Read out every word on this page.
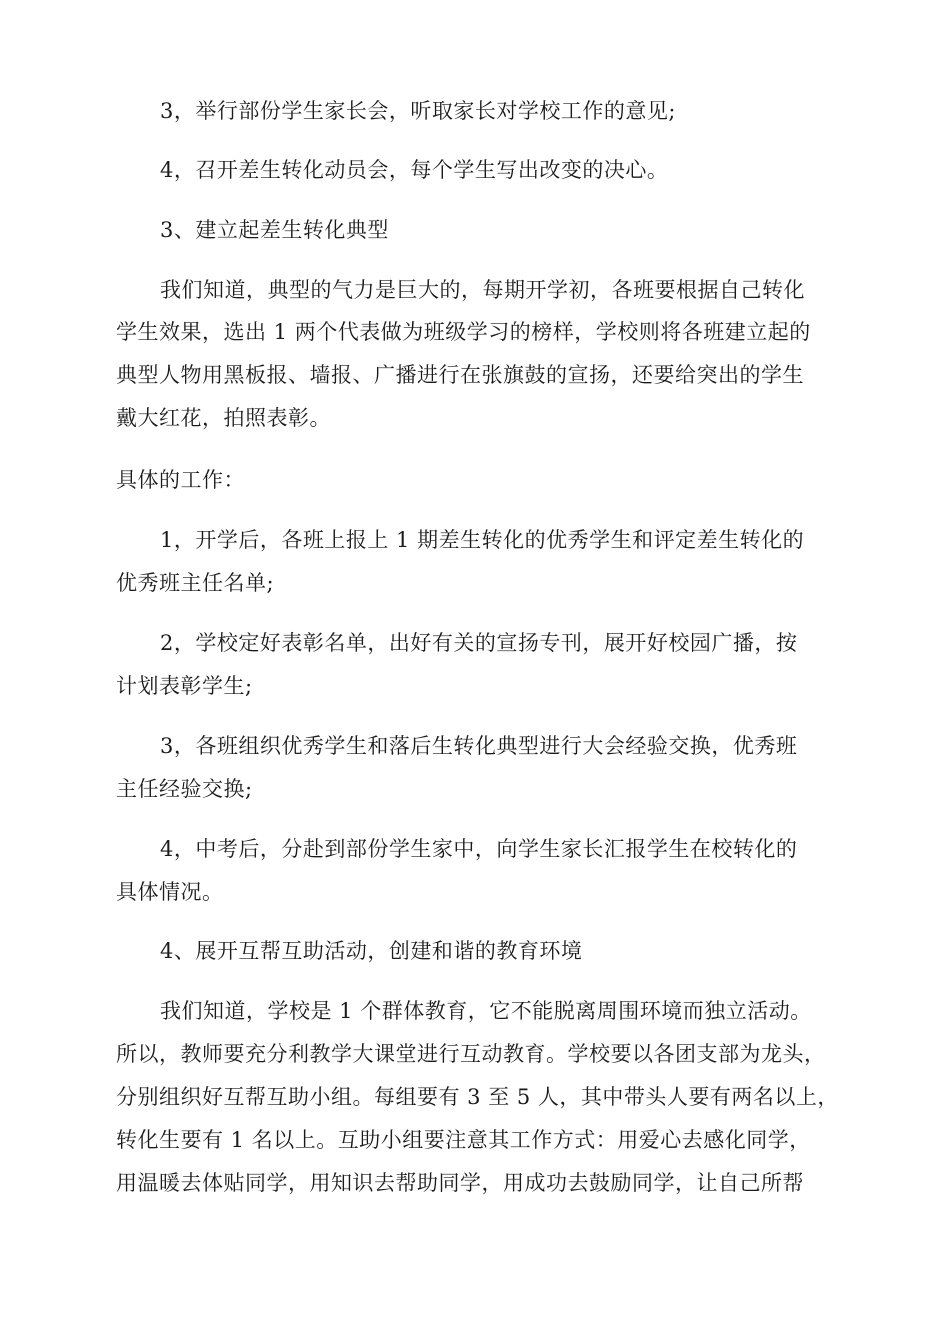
3，举行部份学生家长会，听取家长对学校工作的意见;
4，召开差生转化动员会，每个学生写出改变的决心。
3、建立起差生转化典型
我们知道，典型的气力是巨大的，每期开学初，各班要根据自己转化
学生效果，选出 1 两个代表做为班级学习的榜样，学校则将各班建立起的
典型人物用黑板报、墙报、广播进行在张旗鼓的宣扬，还要给突出的学生
戴大红花，拍照表彰。
具体的工作：
1，开学后，各班上报上 1 期差生转化的优秀学生和评定差生转化的
优秀班主任名单;
2，学校定好表彰名单，出好有关的宣扬专刊，展开好校园广播，按
计划表彰学生;
3，各班组织优秀学生和落后生转化典型进行大会经验交换，优秀班
主任经验交换;
4，中考后，分赴到部份学生家中，向学生家长汇报学生在校转化的
具体情况。
4、展开互帮互助活动，创建和谐的教育环境
我们知道，学校是 1 个群体教育，它不能脱离周围环境而独立活动。
所以，教师要充分利教学大课堂进行互动教育。学校要以各团支部为龙头，
分别组织好互帮互助小组。每组要有 3 至 5 人，其中带头人要有两名以上，
转化生要有 1 名以上。互助小组要注意其工作方式：用爱心去感化同学，
用温暖去体贴同学，用知识去帮助同学，用成功去鼓励同学，让自己所帮
